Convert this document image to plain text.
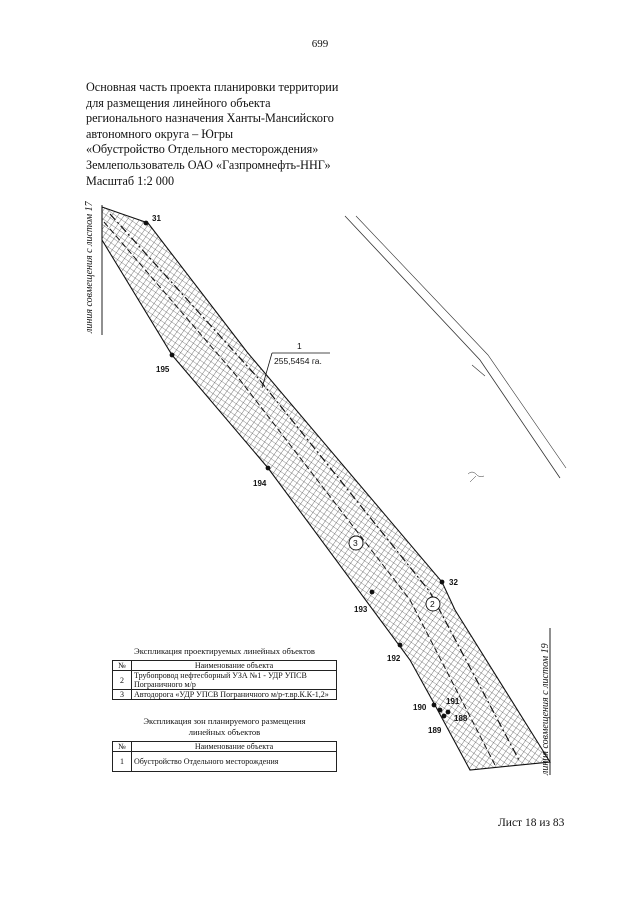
699
Основная часть проекта планировки территории
для размещения линейного объекта
регионального назначения Ханты-Мансийского
автономного округа – Югры
«Обустройство Отдельного месторождения»
Землепользователь ОАО «Газпромнефть-ННГ»
Масштаб 1:2 000
31
195
194
193
192
32
191
190
188
189
1
255,5454 га.
3
2
линия совмещения с листом 17
линия совмещения с листом 19
Экспликация проектируемых линейных объектов
№	Наименование объекта
2	Трубопровод нефтесборный УЗА №1 - УДР УПСВ Пограничного м/р
3	Автодорога «УДР УПСВ Пограничного м/р-т.вр.К.К-1,2»
Экспликация зон планируемого размещения
линейных объектов
№	Наименование объекта
1	Обустройство Отдельного месторождения
Лист 18 из 83
